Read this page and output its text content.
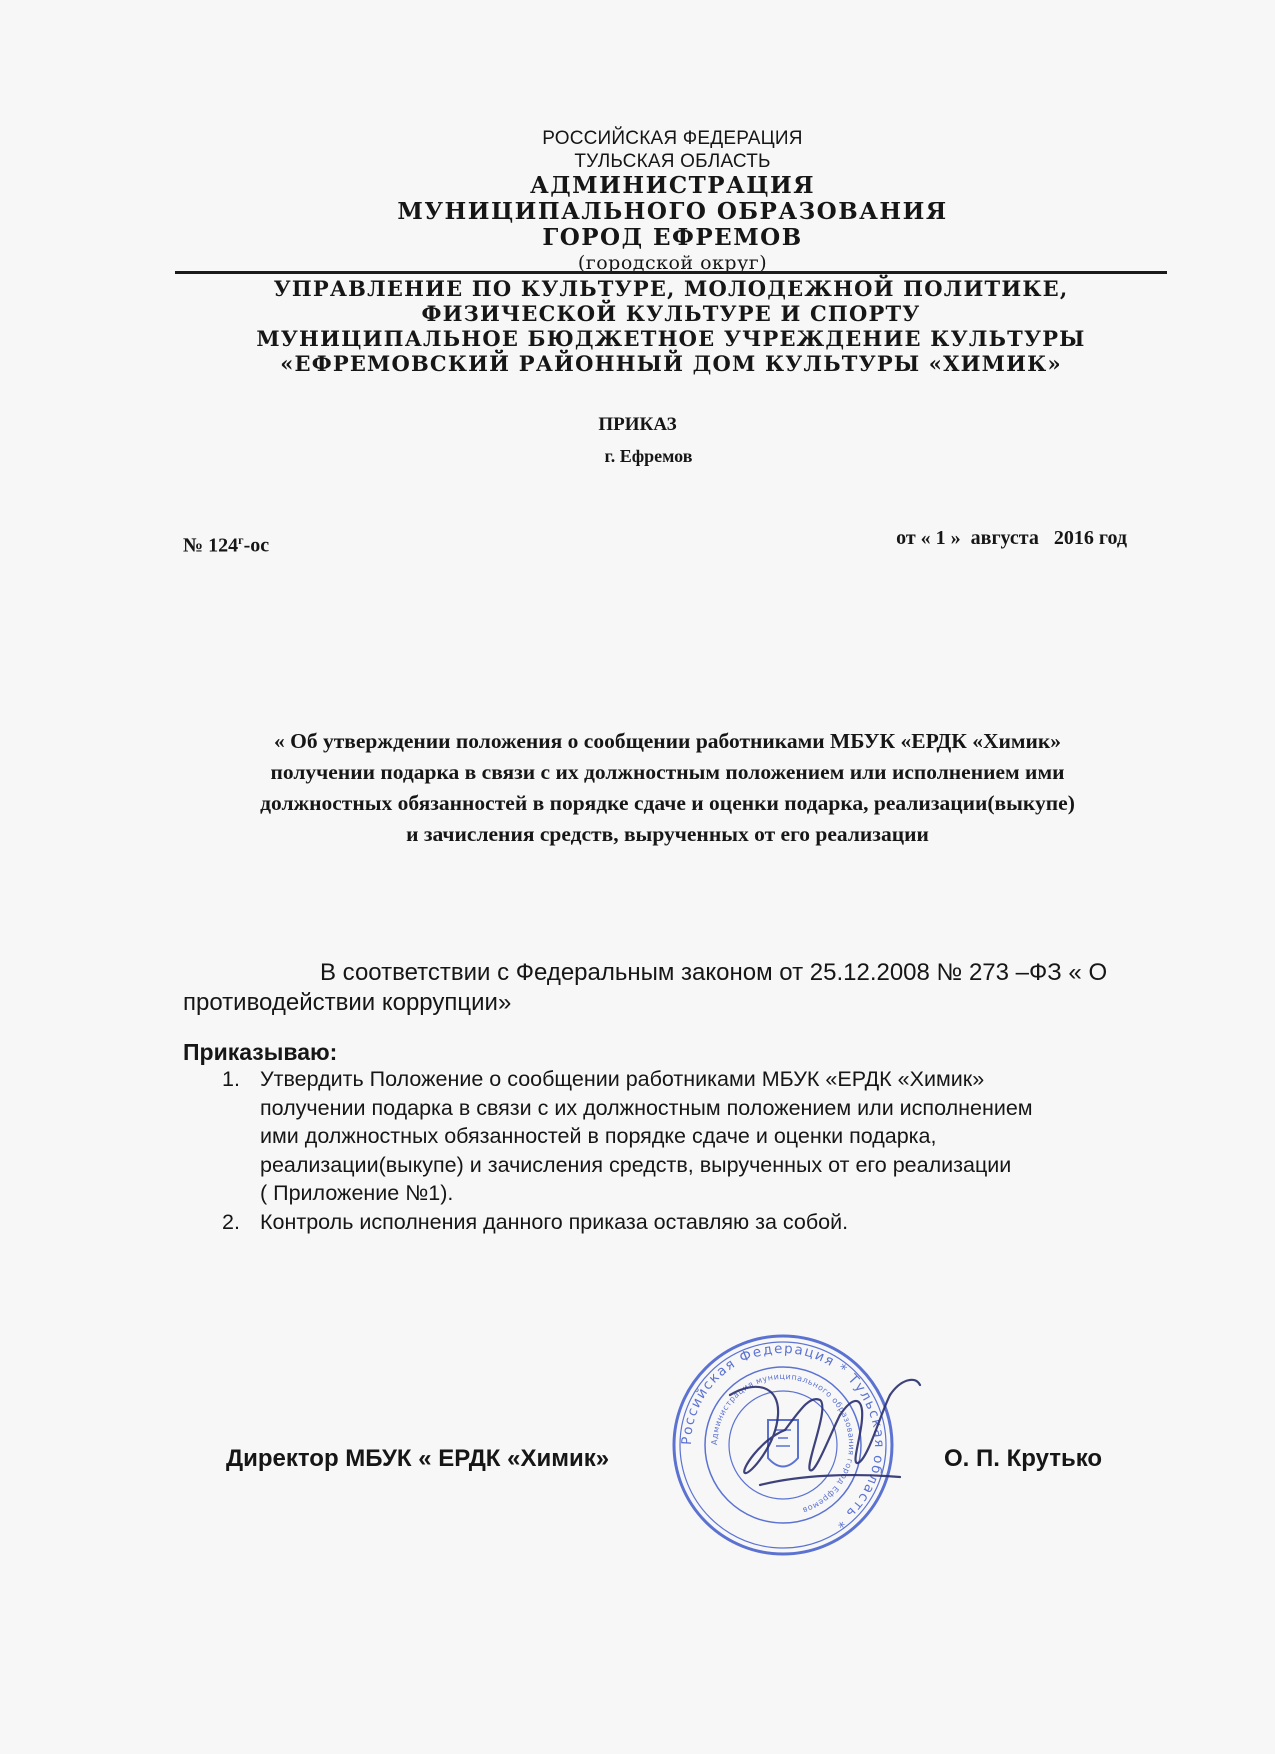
РОССИЙСКАЯ ФЕДЕРАЦИЯ
ТУЛЬСКАЯ ОБЛАСТЬ
АДМИНИСТРАЦИЯ
МУНИЦИПАЛЬНОГО ОБРАЗОВАНИЯ
ГОРОД ЕФРЕМОВ
(городской округ)
УПРАВЛЕНИЕ ПО КУЛЬТУРЕ, МОЛОДЕЖНОЙ ПОЛИТИКЕ,
ФИЗИЧЕСКОЙ КУЛЬТУРЕ И СПОРТУ
МУНИЦИПАЛЬНОЕ БЮДЖЕТНОЕ УЧРЕЖДЕНИЕ КУЛЬТУРЫ
«ЕФРЕМОВСКИЙ РАЙОННЫЙ ДОМ КУЛЬТУРЫ «ХИМИК»
ПРИКАЗ
г. Ефремов
№ $124^г-ос$	от « 1 »  августа   2016 год
« Об утверждении положения о сообщении работниками МБУК «ЕРДК «Химик»
получении подарка в связи с их должностным положением или исполнением ими
должностных обязанностей в порядке сдаче и оценки подарка, реализации(выкупе)
и зачисления средств, вырученных от его реализации
В соответствии с Федеральным законом от 25.12.2008 № 273 –ФЗ « О
противодействии коррупции»
Приказываю:
1. Утвердить Положение о сообщении работниками МБУК «ЕРДК «Химик»
получении подарка в связи с их должностным положением или исполнением
ими должностных обязанностей в порядке сдаче и оценки подарка,
реализации(выкупе) и зачисления средств, вырученных от его реализации
( Приложение №1).
2. Контроль исполнения данного приказа оставляю за собой.
Российская Федерация * Тульская область *
Администрация муниципального образования город Ефремов
Директор МБУК « ЕРДК «Химик»	О. П. Крутько
